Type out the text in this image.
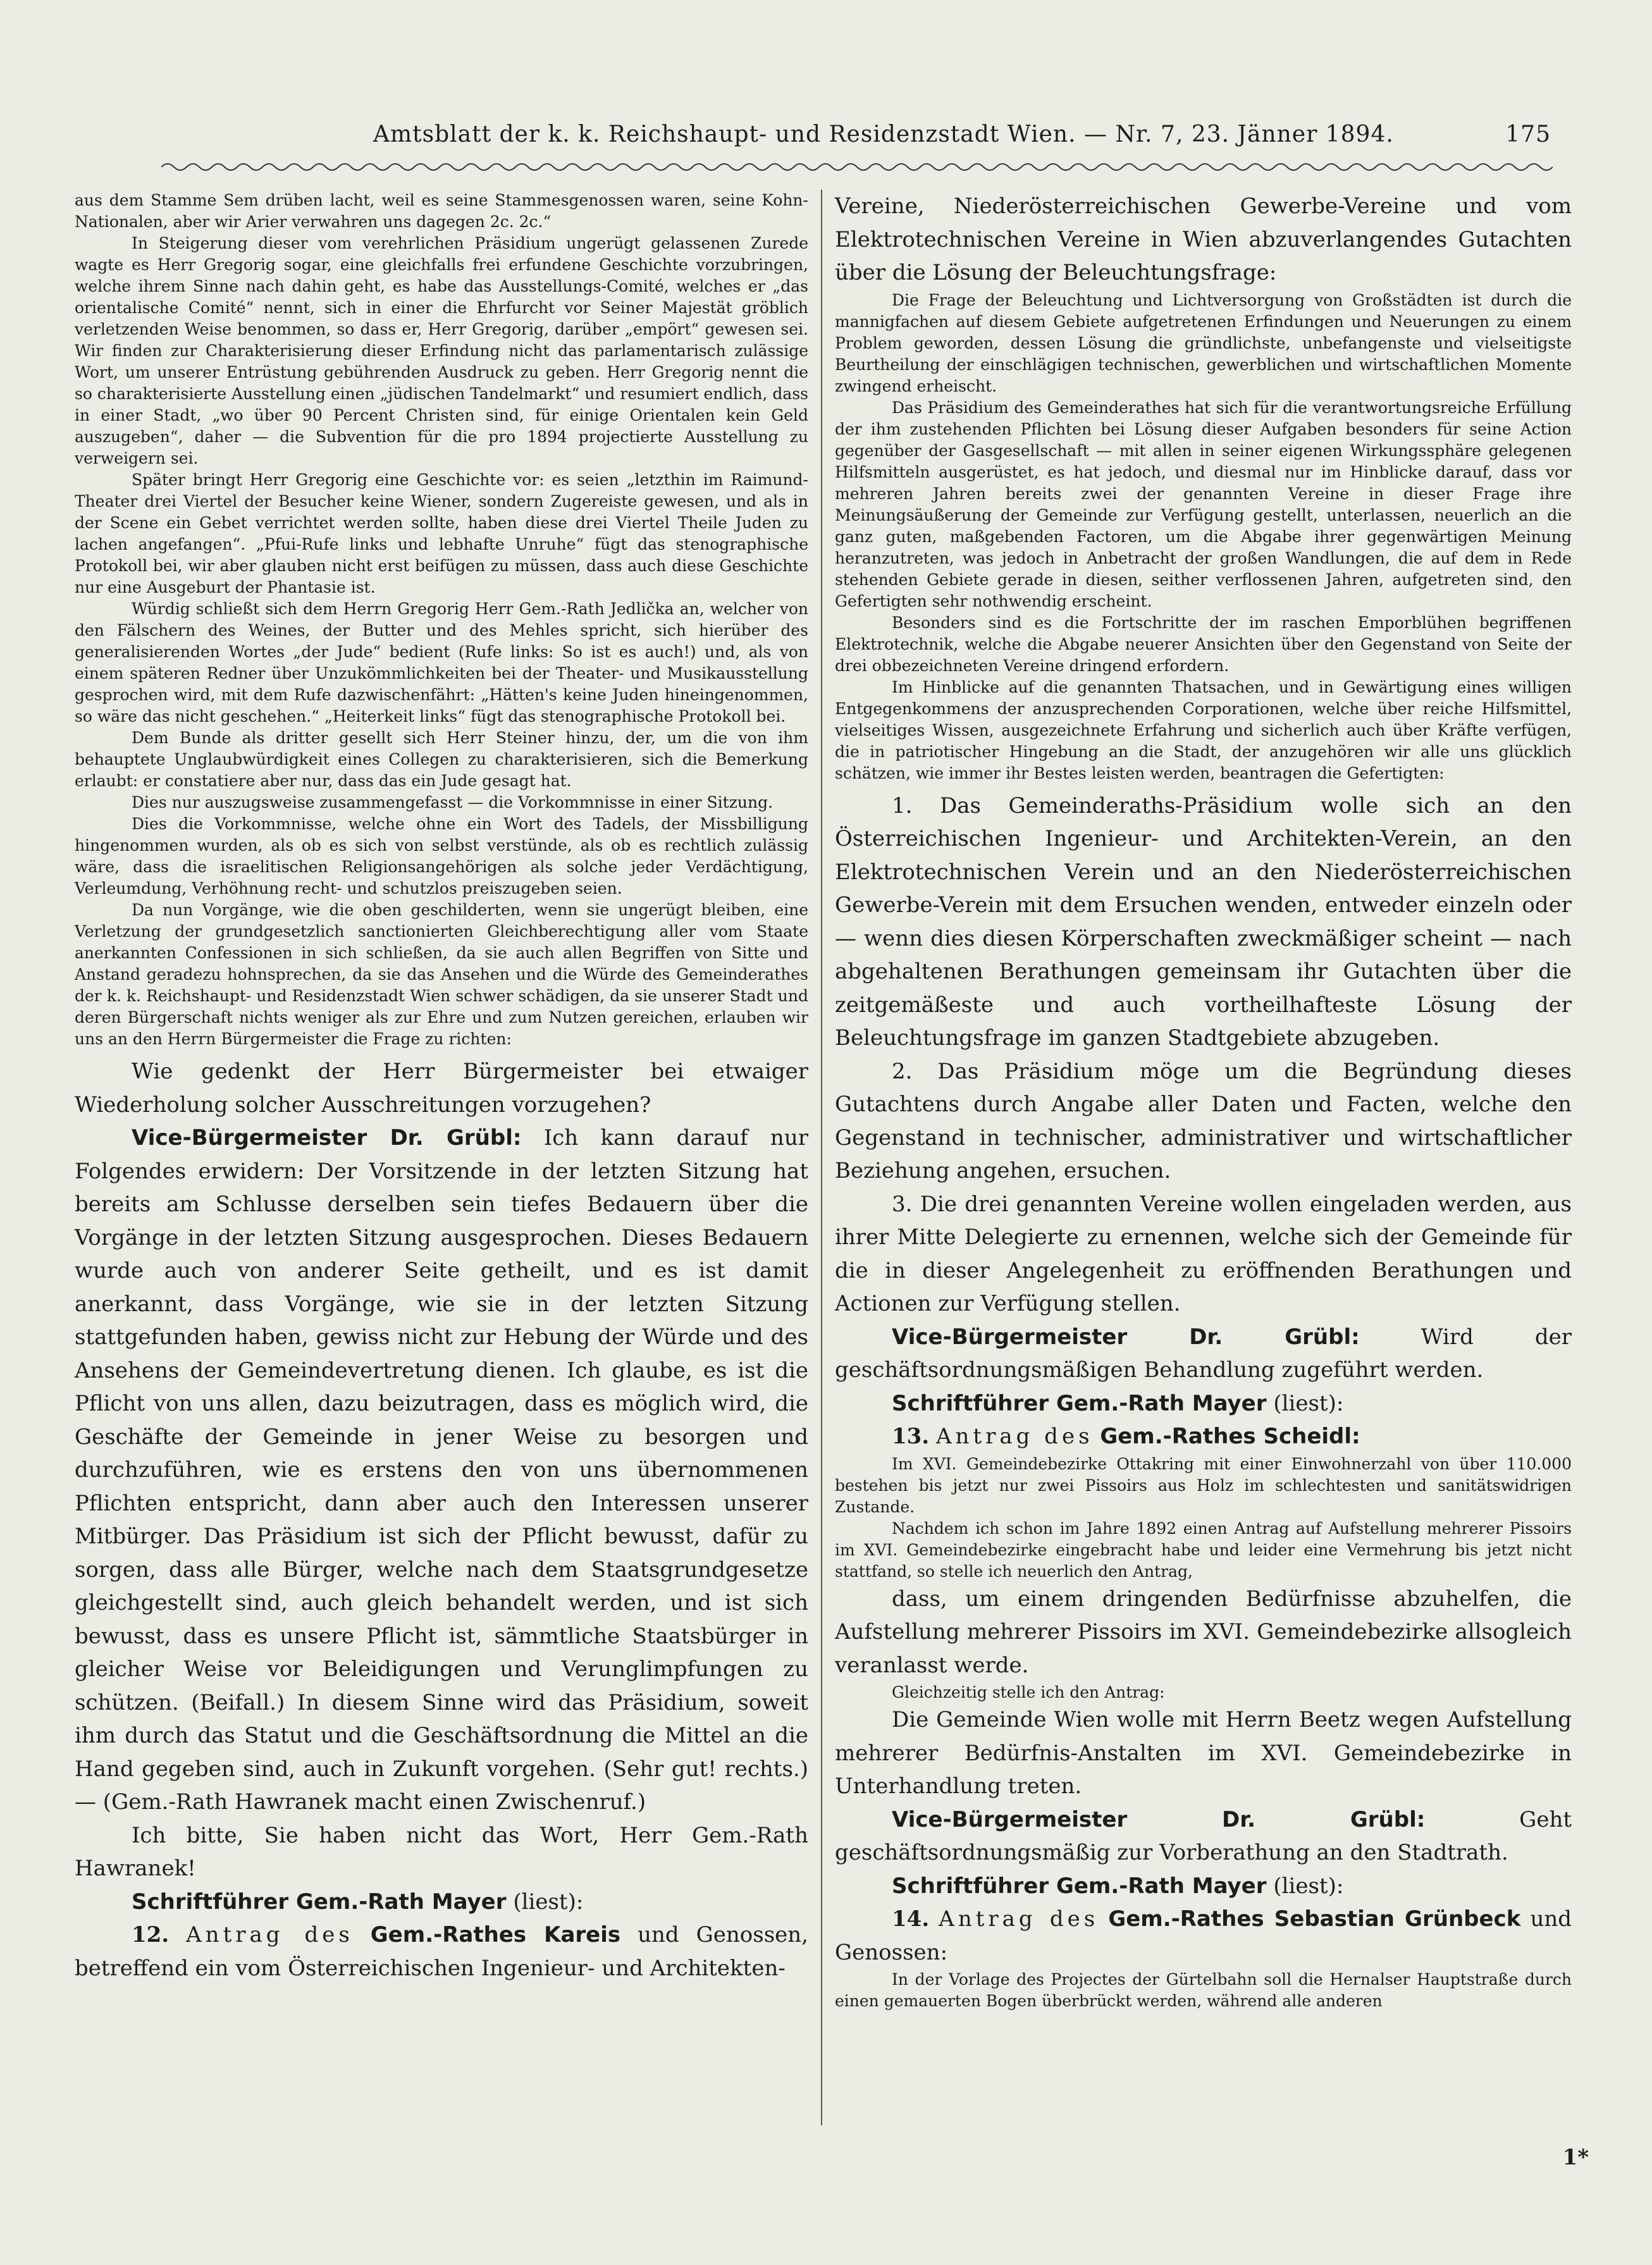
Amtsblatt der k. k. Reichshaupt- und Residenzstadt Wien. — Nr. 7, 23. Jänner 1894.	175

aus dem Stamme Sem drüben lacht, weil es seine Stammesgenossen waren, seine Kohn-Nationalen, aber wir Arier verwahren uns dagegen 2c. 2c.“

In Steigerung dieser vom verehrlichen Präsidium ungerügt gelassenen Zurede wagte es Herr Gregorig sogar, eine gleichfalls frei erfundene Geschichte vorzubringen, welche ihrem Sinne nach dahin geht, es habe das Ausstellungs-Comité, welches er „das orientalische Comité“ nennt, sich in einer die Ehrfurcht vor Seiner Majestät gröblich verletzenden Weise benommen, so dass er, Herr Gregorig, darüber „empört“ gewesen sei. Wir finden zur Charakterisierung dieser Erfindung nicht das parlamentarisch zulässige Wort, um unserer Entrüstung gebührenden Ausdruck zu geben. Herr Gregorig nennt die so charakterisierte Ausstellung einen „jüdischen Tandelmarkt“ und resumiert endlich, dass in einer Stadt, „wo über 90 Percent Christen sind, für einige Orientalen kein Geld auszugeben“, daher — die Subvention für die pro 1894 projectierte Ausstellung zu verweigern sei.

Später bringt Herr Gregorig eine Geschichte vor: es seien „letzthin im Raimund-Theater drei Viertel der Besucher keine Wiener, sondern Zugereiste gewesen, und als in der Scene ein Gebet verrichtet werden sollte, haben diese drei Viertel Theile Juden zu lachen angefangen“. „Pfui-Rufe links und lebhafte Unruhe“ fügt das stenographische Protokoll bei, wir aber glauben nicht erst beifügen zu müssen, dass auch diese Geschichte nur eine Ausgeburt der Phantasie ist.

Würdig schließt sich dem Herrn Gregorig Herr Gem.-Rath Jedlička an, welcher von den Fälschern des Weines, der Butter und des Mehles spricht, sich hierüber des generalisierenden Wortes „der Jude“ bedient (Rufe links: So ist es auch!) und, als von einem späteren Redner über Unzukömmlichkeiten bei der Theater- und Musikausstellung gesprochen wird, mit dem Rufe dazwischenfährt: „Hätten's keine Juden hineingenommen, so wäre das nicht geschehen.“ „Heiterkeit links“ fügt das stenographische Protokoll bei.

Dem Bunde als dritter gesellt sich Herr Steiner hinzu, der, um die von ihm behauptete Unglaubwürdigkeit eines Collegen zu charakterisieren, sich die Bemerkung erlaubt: er constatiere aber nur, dass das ein Jude gesagt hat.

Dies nur auszugsweise zusammengefasst — die Vorkommnisse in einer Sitzung.

Dies die Vorkommnisse, welche ohne ein Wort des Tadels, der Missbilligung hingenommen wurden, als ob es sich von selbst verstünde, als ob es rechtlich zulässig wäre, dass die israelitischen Religionsangehörigen als solche jeder Verdächtigung, Verleumdung, Verhöhnung recht- und schutzlos preiszugeben seien.

Da nun Vorgänge, wie die oben geschilderten, wenn sie ungerügt bleiben, eine Verletzung der grundgesetzlich sanctionierten Gleichberechtigung aller vom Staate anerkannten Confessionen in sich schließen, da sie auch allen Begriffen von Sitte und Anstand geradezu hohnsprechen, da sie das Ansehen und die Würde des Gemeinderathes der k. k. Reichshaupt- und Residenzstadt Wien schwer schädigen, da sie unserer Stadt und deren Bürgerschaft nichts weniger als zur Ehre und zum Nutzen gereichen, erlauben wir uns an den Herrn Bürgermeister die Frage zu richten:

Wie gedenkt der Herr Bürgermeister bei etwaiger Wiederholung solcher Ausschreitungen vorzugehen?

Vice-Bürgermeister Dr. Grübl: Ich kann darauf nur Folgendes erwidern: Der Vorsitzende in der letzten Sitzung hat bereits am Schlusse derselben sein tiefes Bedauern über die Vorgänge in der letzten Sitzung ausgesprochen. Dieses Bedauern wurde auch von anderer Seite getheilt, und es ist damit anerkannt, dass Vorgänge, wie sie in der letzten Sitzung stattgefunden haben, gewiss nicht zur Hebung der Würde und des Ansehens der Gemeindevertretung dienen. Ich glaube, es ist die Pflicht von uns allen, dazu beizutragen, dass es möglich wird, die Geschäfte der Gemeinde in jener Weise zu besorgen und durchzuführen, wie es erstens den von uns übernommenen Pflichten entspricht, dann aber auch den Interessen unserer Mitbürger. Das Präsidium ist sich der Pflicht bewusst, dafür zu sorgen, dass alle Bürger, welche nach dem Staatsgrundgesetze gleichgestellt sind, auch gleich behandelt werden, und ist sich bewusst, dass es unsere Pflicht ist, sämmtliche Staatsbürger in gleicher Weise vor Beleidigungen und Verunglimpfungen zu schützen. (Beifall.) In diesem Sinne wird das Präsidium, soweit ihm durch das Statut und die Geschäftsordnung die Mittel an die Hand gegeben sind, auch in Zukunft vorgehen. (Sehr gut! rechts.) — (Gem.-Rath Hawranek macht einen Zwischenruf.)

Ich bitte, Sie haben nicht das Wort, Herr Gem.-Rath Hawranek!

Schriftführer Gem.-Rath Mayer (liest):

12. Antrag des Gem.-Rathes Kareis und Genossen, betreffend ein vom Österreichischen Ingenieur- und Architekten-

Vereine, Niederösterreichischen Gewerbe-Vereine und vom Elektrotechnischen Vereine in Wien abzuverlangendes Gutachten über die Lösung der Beleuchtungsfrage:

Die Frage der Beleuchtung und Lichtversorgung von Großstädten ist durch die mannigfachen auf diesem Gebiete aufgetretenen Erfindungen und Neuerungen zu einem Problem geworden, dessen Lösung die gründlichste, unbefangenste und vielseitigste Beurtheilung der einschlägigen technischen, gewerblichen und wirtschaftlichen Momente zwingend erheischt.

Das Präsidium des Gemeinderathes hat sich für die verantwortungsreiche Erfüllung der ihm zustehenden Pflichten bei Lösung dieser Aufgaben besonders für seine Action gegenüber der Gasgesellschaft — mit allen in seiner eigenen Wirkungssphäre gelegenen Hilfsmitteln ausgerüstet, es hat jedoch, und diesmal nur im Hinblicke darauf, dass vor mehreren Jahren bereits zwei der genannten Vereine in dieser Frage ihre Meinungsäußerung der Gemeinde zur Verfügung gestellt, unterlassen, neuerlich an die ganz guten, maßgebenden Factoren, um die Abgabe ihrer gegenwärtigen Meinung heranzutreten, was jedoch in Anbetracht der großen Wandlungen, die auf dem in Rede stehenden Gebiete gerade in diesen, seither verflossenen Jahren, aufgetreten sind, den Gefertigten sehr nothwendig erscheint.

Besonders sind es die Fortschritte der im raschen Emporblühen begriffenen Elektrotechnik, welche die Abgabe neuerer Ansichten über den Gegenstand von Seite der drei obbezeichneten Vereine dringend erfordern.

Im Hinblicke auf die genannten Thatsachen, und in Gewärtigung eines willigen Entgegenkommens der anzusprechenden Corporationen, welche über reiche Hilfsmittel, vielseitiges Wissen, ausgezeichnete Erfahrung und sicherlich auch über Kräfte verfügen, die in patriotischer Hingebung an die Stadt, der anzugehören wir alle uns glücklich schätzen, wie immer ihr Bestes leisten werden, beantragen die Gefertigten:

1. Das Gemeinderaths-Präsidium wolle sich an den Österreichischen Ingenieur- und Architekten-Verein, an den Elektrotechnischen Verein und an den Niederösterreichischen Gewerbe-Verein mit dem Ersuchen wenden, entweder einzeln oder — wenn dies diesen Körperschaften zweckmäßiger scheint — nach abgehaltenen Berathungen gemeinsam ihr Gutachten über die zeitgemäßeste und auch vortheilhafteste Lösung der Beleuchtungsfrage im ganzen Stadtgebiete abzugeben.

2. Das Präsidium möge um die Begründung dieses Gutachtens durch Angabe aller Daten und Facten, welche den Gegenstand in technischer, administrativer und wirtschaftlicher Beziehung angehen, ersuchen.

3. Die drei genannten Vereine wollen eingeladen werden, aus ihrer Mitte Delegierte zu ernennen, welche sich der Gemeinde für die in dieser Angelegenheit zu eröffnenden Berathungen und Actionen zur Verfügung stellen.

Vice-Bürgermeister Dr. Grübl:	Wird der geschäftsordnungsmäßigen Behandlung zugeführt werden.

Schriftführer Gem.-Rath Mayer (liest):

13. Antrag des Gem.-Rathes Scheidl:

Im XVI. Gemeindebezirke Ottakring mit einer Einwohnerzahl von über 110.000 bestehen bis jetzt nur zwei Pissoirs aus Holz im schlechtesten und sanitätswidrigen Zustande.

Nachdem ich schon im Jahre 1892 einen Antrag auf Aufstellung mehrerer Pissoirs im XVI. Gemeindebezirke eingebracht habe und leider eine Vermehrung bis jetzt nicht stattfand, so stelle ich neuerlich den Antrag,

dass, um einem dringenden Bedürfnisse abzuhelfen, die Aufstellung mehrerer Pissoirs im XVI. Gemeindebezirke allsogleich veranlasst werde.

Gleichzeitig stelle ich den Antrag:

Die Gemeinde Wien wolle mit Herrn Beetz wegen Aufstellung mehrerer Bedürfnis-Anstalten im XVI. Gemeindebezirke in Unterhandlung treten.

Vice-Bürgermeister Dr. Grübl:	Geht geschäftsordnungsmäßig zur Vorberathung an den Stadtrath.

Schriftführer Gem.-Rath Mayer (liest):

14. Antrag des Gem.-Rathes Sebastian Grünbeck und Genossen:

In der Vorlage des Projectes der Gürtelbahn soll die Hernalser Hauptstraße durch einen gemauerten Bogen überbrückt werden, während alle anderen

1*
